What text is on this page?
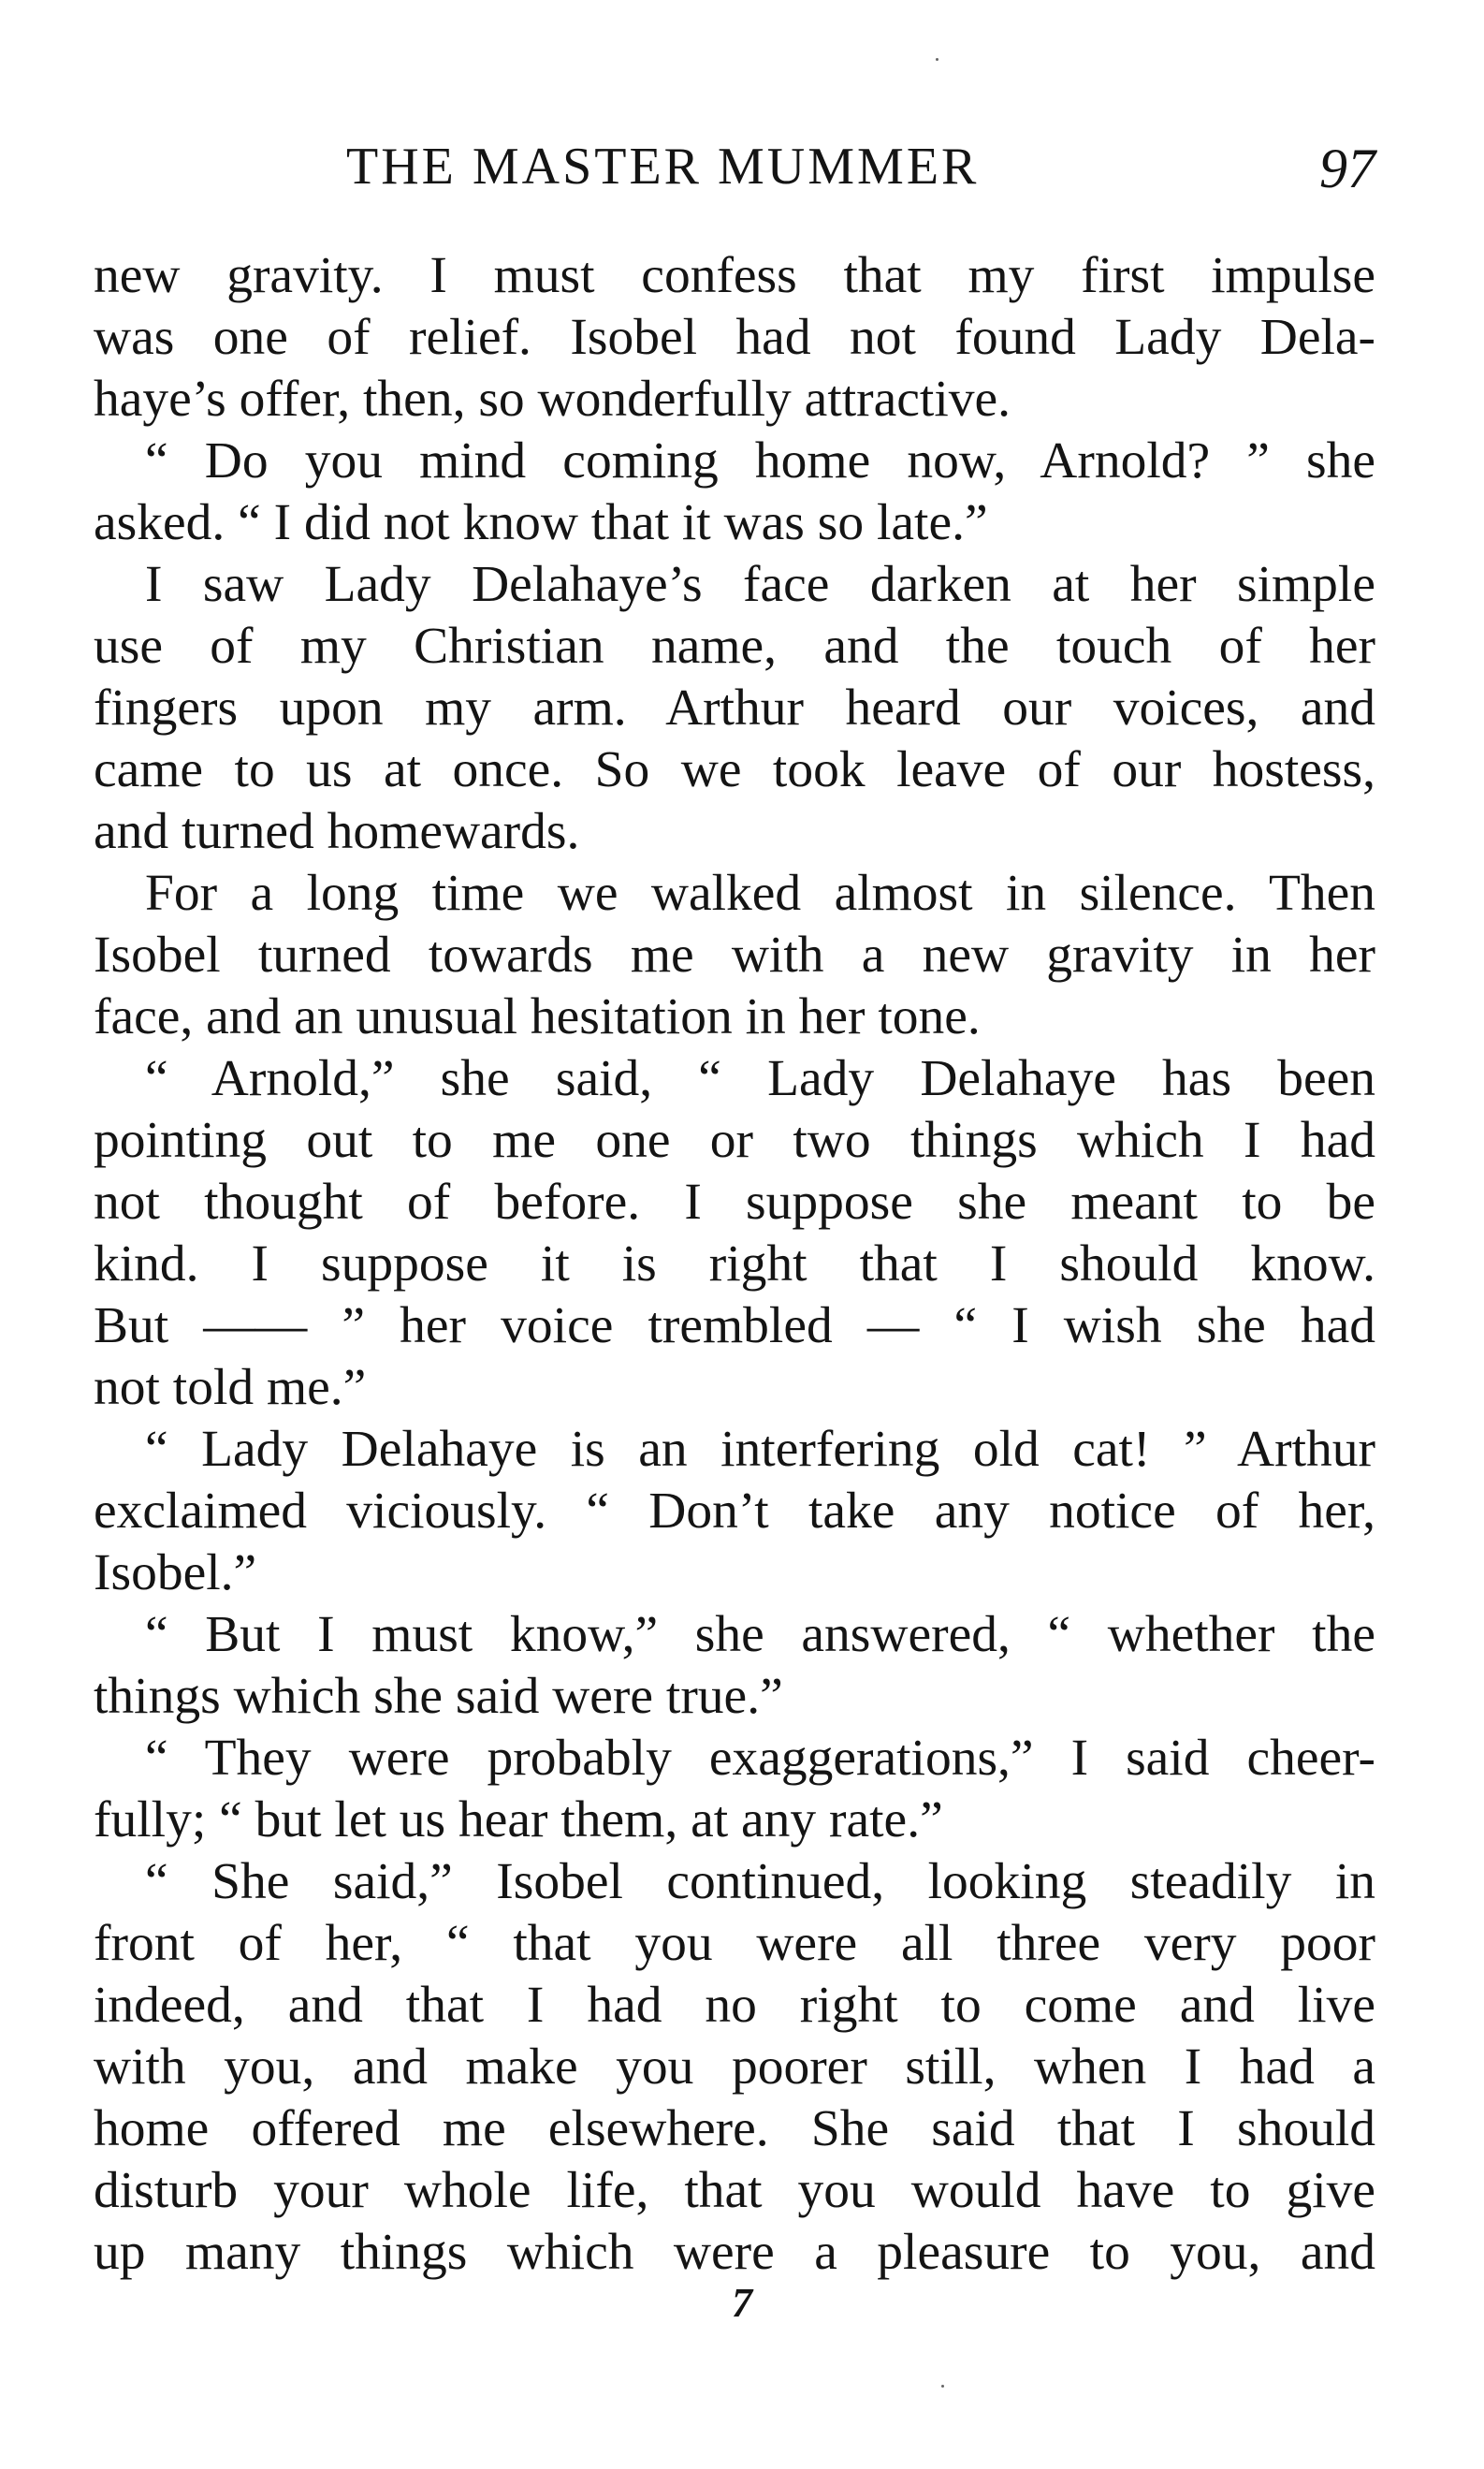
THE MASTER MUMMER	97
new gravity. I must confess that my first impulse
was one of relief. Isobel had not found Lady Dela-
haye’s offer, then, so wonderfully attractive.
“ Do you mind coming home now, Arnold? ” she
asked. “ I did not know that it was so late.”
I saw Lady Delahaye’s face darken at her simple
use of my Christian name, and the touch of her
fingers upon my arm. Arthur heard our voices, and
came to us at once. So we took leave of our hostess,
and turned homewards.
For a long time we walked almost in silence. Then
Isobel turned towards me with a new gravity in her
face, and an unusual hesitation in her tone.
“ Arnold,” she said, “ Lady Delahaye has been
pointing out to me one or two things which I had
not thought of before. I suppose she meant to be
kind. I suppose it is right that I should know.
But —— ” her voice trembled — “ I wish she had
not told me.”
“ Lady Delahaye is an interfering old cat! ” Arthur
exclaimed viciously. “ Don’t take any notice of her,
Isobel.”
“ But I must know,” she answered, “ whether the
things which she said were true.”
“ They were probably exaggerations,” I said cheer-
fully; “ but let us hear them, at any rate.”
“ She said,” Isobel continued, looking steadily in
front of her, “ that you were all three very poor
indeed, and that I had no right to come and live
with you, and make you poorer still, when I had a
home offered me elsewhere. She said that I should
disturb your whole life, that you would have to give
up many things which were a pleasure to you, and
7
